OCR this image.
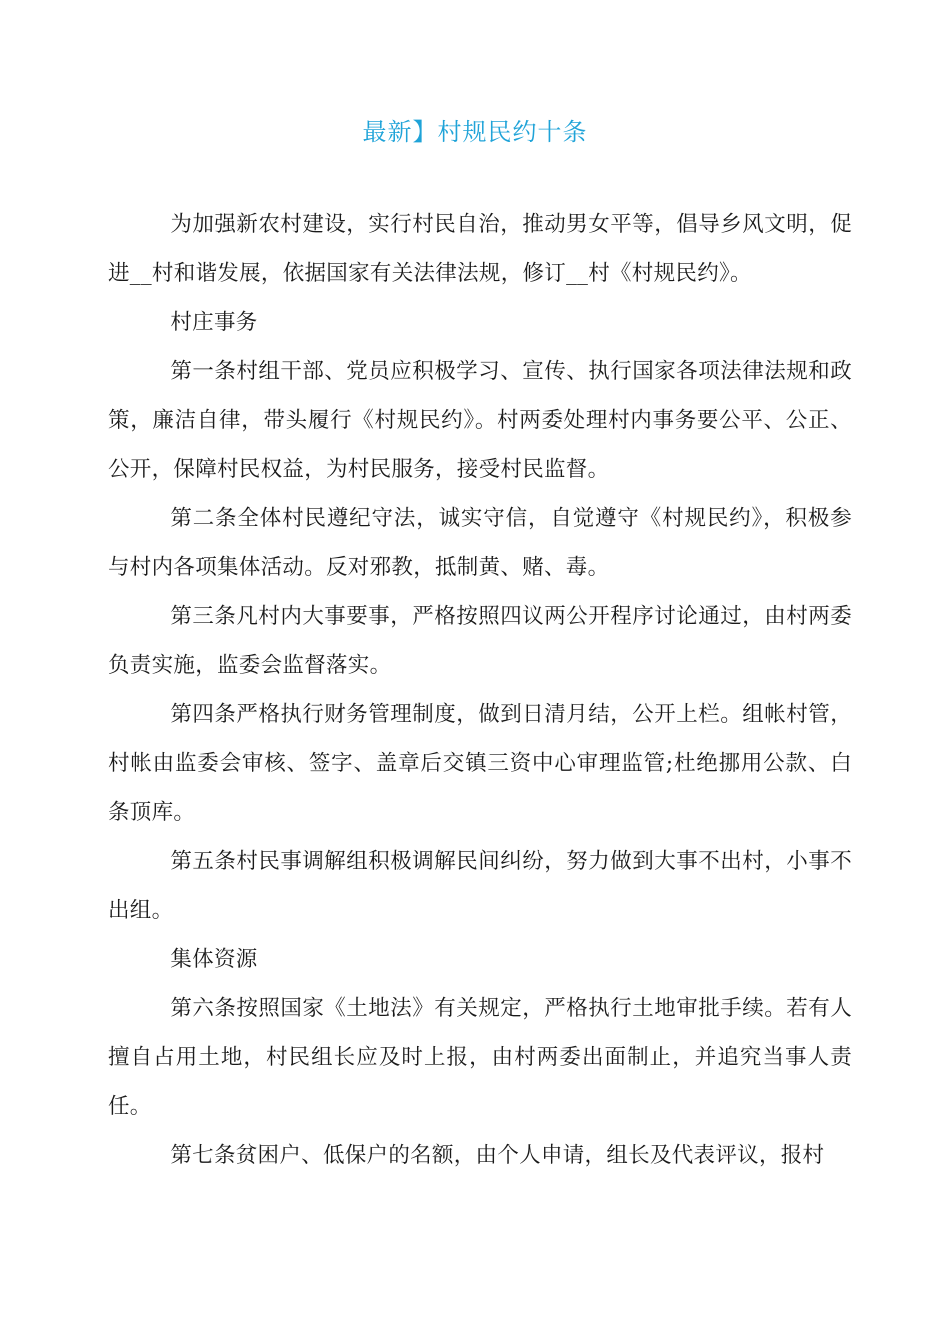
最新】村规民约十条

为加强新农村建设，实行村民自治，推动男女平等，倡导乡风文明，促进__村和谐发展，依据国家有关法律法规，修订__村《村规民约》。

村庄事务

第一条村组干部、党员应积极学习、宣传、执行国家各项法律法规和政策，廉洁自律，带头履行《村规民约》。村两委处理村内事务要公平、公正、公开，保障村民权益，为村民服务，接受村民监督。

第二条全体村民遵纪守法，诚实守信，自觉遵守《村规民约》，积极参与村内各项集体活动。反对邪教，抵制黄、赌、毒。

第三条凡村内大事要事，严格按照四议两公开程序讨论通过，由村两委负责实施，监委会监督落实。

第四条严格执行财务管理制度，做到日清月结，公开上栏。组帐村管，村帐由监委会审核、签字、盖章后交镇三资中心审理监管;杜绝挪用公款、白条顶库。

第五条村民事调解组积极调解民间纠纷，努力做到大事不出村，小事不出组。

集体资源

第六条按照国家《土地法》有关规定，严格执行土地审批手续。若有人擅自占用土地，村民组长应及时上报，由村两委出面制止，并追究当事人责任。

第七条贫困户、低保户的名额，由个人申请，组长及代表评议，报村
